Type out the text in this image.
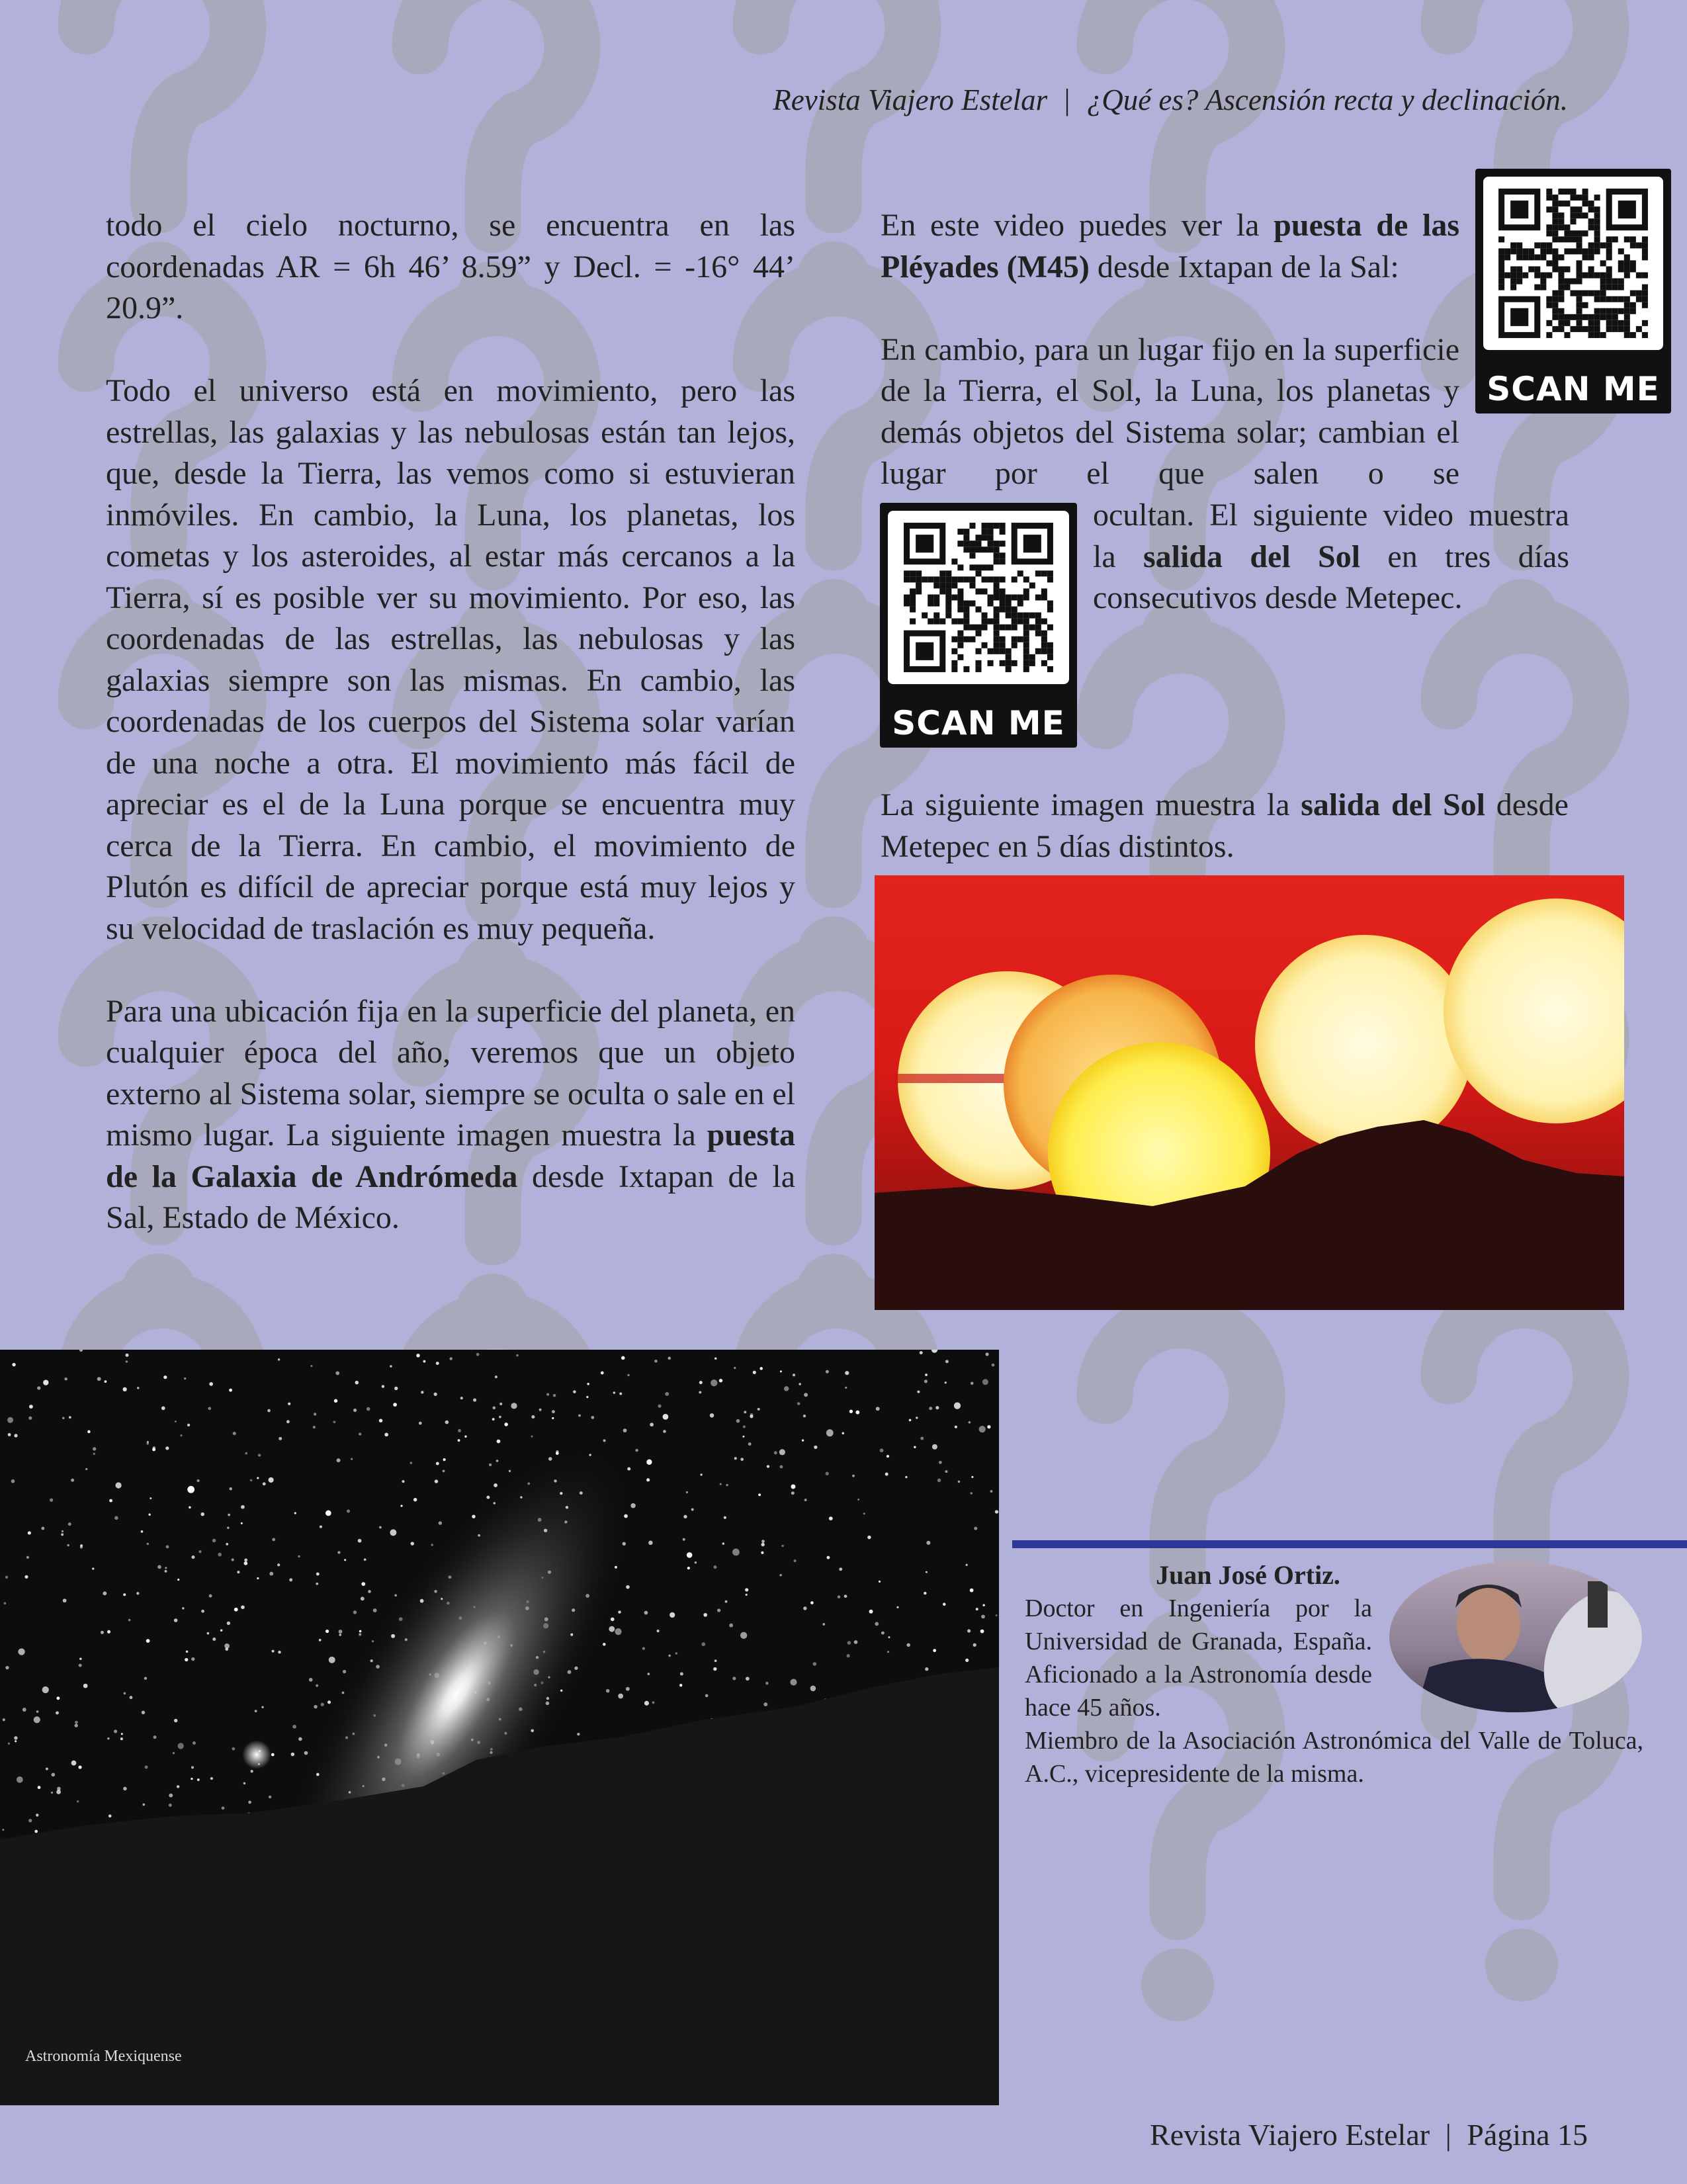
Revista Viajero Estelar | ¿Qué es? Ascensión recta y declinación.

todo el cielo nocturno, se encuentra en las coordenadas AR = 6h 46’ 8.59” y Decl. = -16° 44’ 20.9”.

Todo el universo está en movimiento, pero las estrellas, las galaxias y las nebulosas están tan lejos, que, desde la Tierra, las vemos como si estuvieran inmóviles. En cambio, la Luna, los planetas, los cometas y los asteroides, al estar más cercanos a la Tierra, sí es posible ver su movimiento. Por eso, las coordenadas de las estrellas, las nebulosas y las galaxias siempre son las mismas. En cambio, las coordenadas de los cuerpos del Sistema solar varían de una noche a otra. El movimiento más fácil de apreciar es el de la Luna porque se encuentra muy cerca de la Tierra. En cambio, el movimiento de Plutón es difícil de apreciar porque está muy lejos y su velocidad de traslación es muy pequeña.

Para una ubicación fija en la superficie del planeta, en cualquier época del año, veremos que un objeto externo al Sistema solar, siempre se oculta o sale en el mismo lugar. La siguiente imagen muestra la puesta de la Galaxia de Andrómeda desde Ixtapan de la Sal, Estado de México.

En este video puedes ver la puesta de las Pléyades (M45) desde Ixtapan de la Sal:

En cambio, para un lugar fijo en la superficie de la Tierra, el Sol, la Luna, los planetas y demás objetos del Sistema solar; cambian el lugar por el que salen o se

ocultan. El siguiente video muestra la salida del Sol en tres días consecutivos desde Metepec.

La siguiente imagen muestra la salida del Sol desde Metepec en 5 días distintos.

SCAN ME
SCAN ME
Astronomía Mexiquense
Juan José Ortiz.
Doctor en Ingeniería por la Universidad de Granada, España. Aficionado a la Astronomía desde hace 45 años.
Miembro de la Asociación Astronómica del Valle de Toluca, A.C., vicepresidente de la misma.
Revista Viajero Estelar | Página 15
